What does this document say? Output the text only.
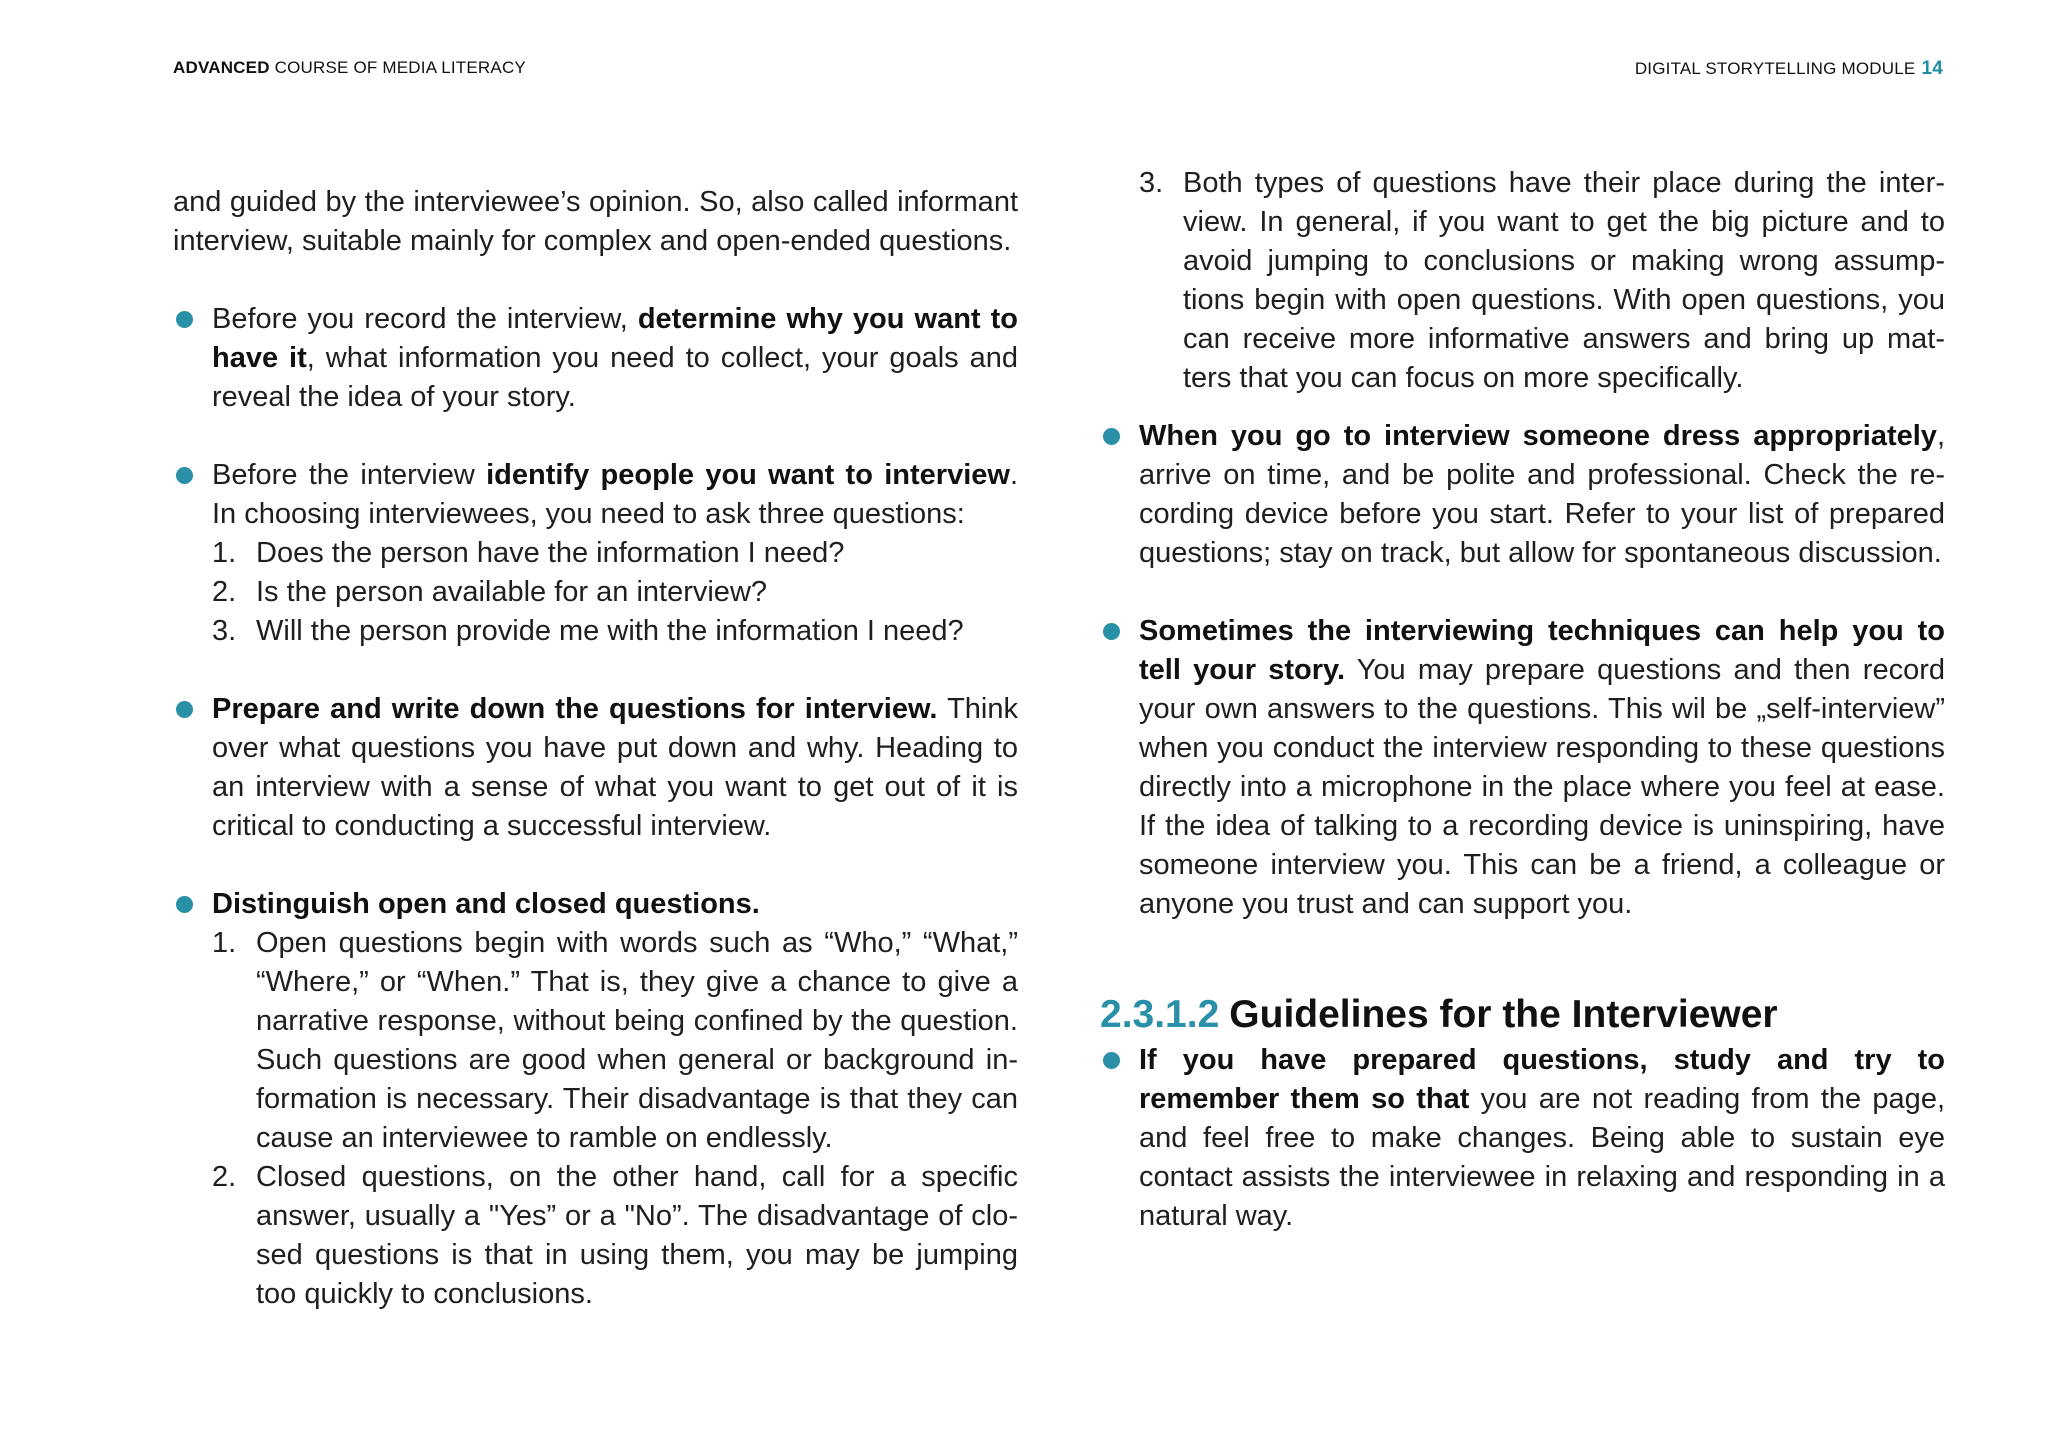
ADVANCED COURSE OF MEDIA LITERACY	DIGITAL STORYTELLING MODULE 14

and guided by the interviewee’s opinion. So, also called informant interview, suitable mainly for complex and open-ended questions.

Before you record the interview, determine why you want to have it, what information you need to collect, your goals and reveal the idea of your story.
Before the interview identify people you want to interview. In choosing interviewees, you need to ask three questions:
1. Does the person have the information I need?
2. Is the person available for an interview?
3. Will the person provide me with the information I need?
Prepare and write down the questions for interview. Think over what questions you have put down and why. Heading to an interview with a sense of what you want to get out of it is critical to conducting a successful interview.
Distinguish open and closed questions.
1. Open questions begin with words such as “Who,” “What,” “Where,” or “When.” That is, they give a chance to give a narrative response, without being confined by the question. Such questions are good when general or background in-formation is necessary. Their disadvantage is that they can cause an interviewee to ramble on endlessly.
2. Closed questions, on the other hand, call for a specific answer, usually a "Yes” or a "No”. The disadvantage of clo-sed questions is that in using them, you may be jumping too quickly to conclusions.
3. Both types of questions have their place during the inter-view. In general, if you want to get the big picture and to avoid jumping to conclusions or making wrong assump-tions begin with open questions. With open questions, you can receive more informative answers and bring up mat-ters that you can focus on more specifically.
When you go to interview someone dress appropriately, arrive on time, and be polite and professional. Check the re-cording device before you start. Refer to your list of prepared questions; stay on track, but allow for spontaneous discussion.
Sometimes the interviewing techniques can help you to tell your story. You may prepare questions and then record your own answers to the questions. This wil be „self-interview” when you conduct the interview responding to these questions directly into a microphone in the place where you feel at ease. If the idea of talking to a recording device is uninspiring, have someone interview you. This can be a friend, a colleague or anyone you trust and can support you.
2.3.1.2 Guidelines for the Interviewer
If you have prepared questions, study and try to remember them so that you are not reading from the page, and feel free to make changes. Being able to sustain eye contact assists the interviewee in relaxing and responding in a natural way.
